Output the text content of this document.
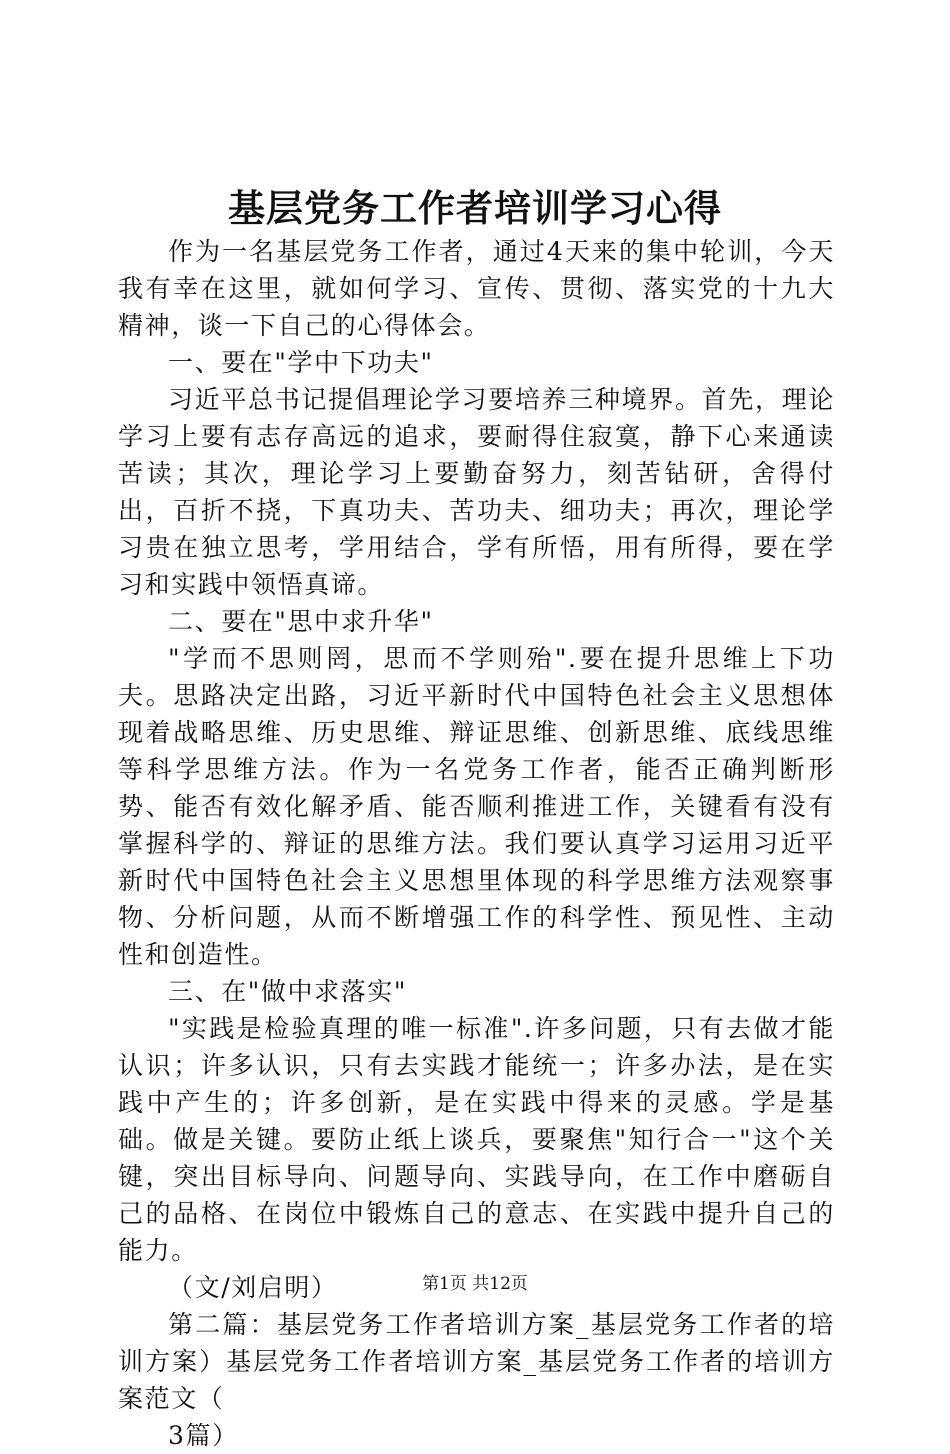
基层党务工作者培训学习心得

作为一名基层党务工作者，通过4天来的集中轮训，今天我有幸在这里，就如何学习、宣传、贯彻、落实党的十九大精神，谈一下自己的心得体会。

一、要在"学中下功夫"

习近平总书记提倡理论学习要培养三种境界。首先，理论学习上要有志存高远的追求，要耐得住寂寞，静下心来通读苦读；其次，理论学习上要勤奋努力，刻苦钻研，舍得付出，百折不挠，下真功夫、苦功夫、细功夫；再次，理论学习贵在独立思考，学用结合，学有所悟，用有所得，要在学习和实践中领悟真谛。

二、要在"思中求升华"

"学而不思则罔，思而不学则殆".要在提升思维上下功夫。思路决定出路，习近平新时代中国特色社会主义思想体现着战略思维、历史思维、辩证思维、创新思维、底线思维等科学思维方法。作为一名党务工作者，能否正确判断形势、能否有效化解矛盾、能否顺利推进工作，关键看有没有掌握科学的、辩证的思维方法。我们要认真学习运用习近平新时代中国特色社会主义思想里体现的科学思维方法观察事物、分析问题，从而不断增强工作的科学性、预见性、主动性和创造性。

三、在"做中求落实"

"实践是检验真理的唯一标准".许多问题，只有去做才能认识；许多认识，只有去实践才能统一；许多办法，是在实践中产生的；许多创新，是在实践中得来的灵感。学是基础。做是关键。要防止纸上谈兵，要聚焦"知行合一"这个关键，突出目标导向、问题导向、实践导向，在工作中磨砺自己的品格、在岗位中锻炼自己的意志、在实践中提升自己的能力。

（文/刘启明）

第二篇：基层党务工作者培训方案_基层党务工作者的培训方案）基层党务工作者培训方案_基层党务工作者的培训方案范文（

3篇）

第1页 共12页
